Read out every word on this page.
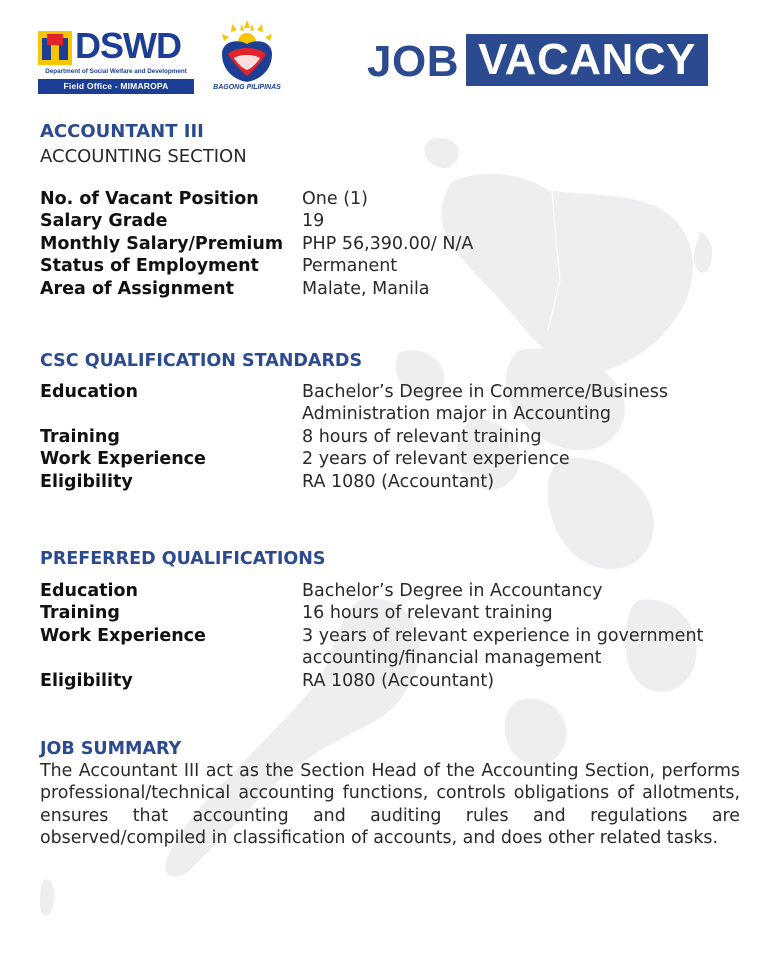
DSWD
Department of Social Welfare and Development
Field Office - MIMAROPA	BAGONG PILIPINAS
JOB VACANCY
ACCOUNTANT III
ACCOUNTING SECTION
No. of Vacant Position	One (1)
Salary Grade	19
Monthly Salary/Premium	PHP 56,390.00/ N/A
Status of Employment	Permanent
Area of Assignment	Malate, Manila
CSC QUALIFICATION STANDARDS
Education	Bachelor’s Degree in Commerce/Business
Administration major in Accounting
Training	8 hours of relevant training
Work Experience	2 years of relevant experience
Eligibility	RA 1080 (Accountant)
PREFERRED QUALIFICATIONS
Education	Bachelor’s Degree in Accountancy
Training	16 hours of relevant training
Work Experience	3 years of relevant experience in government
accounting/financial management
Eligibility	RA 1080 (Accountant)
JOB SUMMARY
The Accountant III act as the Section Head of the Accounting Section, performs professional/technical accounting functions, controls obligations of allotments, ensures that accounting and auditing rules and regulations are observed/compiled in classification of accounts, and does other related tasks.
